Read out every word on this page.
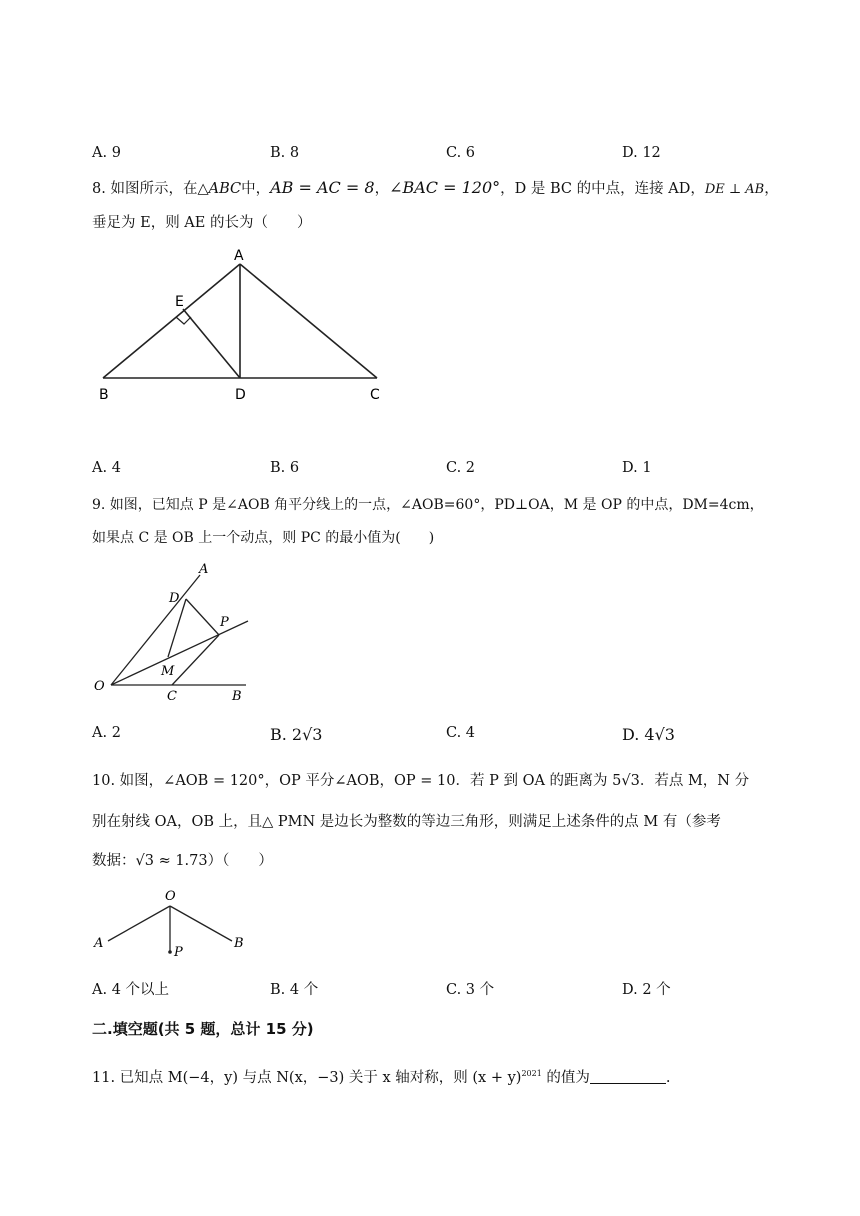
A. 9	B. 8	C. 6	D. 12
8. 如图所示，在△ABC中，AB = AC = 8，∠BAC = 120°，D 是 BC 的中点，连接 AD，DE ⊥ AB，
垂足为 E，则 AE 的长为（　　）
A
B	D	C
E
A. 4	B. 6	C. 2	D. 1
9. 如图，已知点 P 是∠AOB 角平分线上的一点，∠AOB=60°，PD⊥OA，M 是 OP 的中点，DM=4cm，
如果点 C 是 OB 上一个动点，则 PC 的最小值为(　　)
A
D
P
M
O
C	B
A. 2	B. 2√3	C. 4	D. 4√3
10. 如图，∠AOB = 120°，OP 平分∠AOB，OP = 10．若 P 到 OA 的距离为 5√3．若点 M，N 分
别在射线 OA，OB 上，且△ PMN 是边长为整数的等边三角形，则满足上述条件的点 M 有（参考
数据：√3 ≈ 1.73）（　　）
O
A	B
P
A. 4 个以上	B. 4 个	C. 3 个	D. 2 个
二.填空题(共 5 题，总计 15 分)
11. 已知点 M(−4，y) 与点 N(x，−3) 关于 x 轴对称，则 $(x + y)^{2021}$ 的值为	.
